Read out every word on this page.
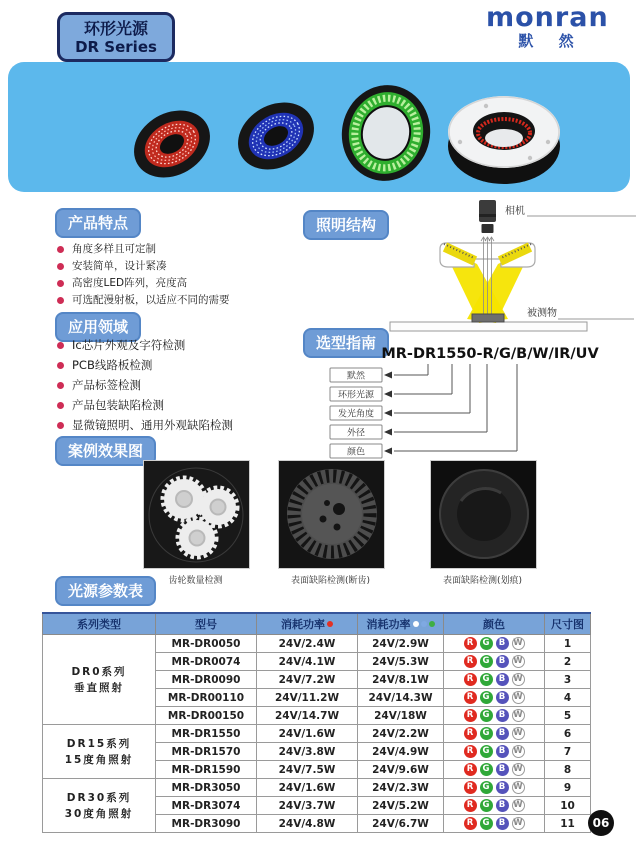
环形光源
DR Series
monran
默 然
产品特点
应用领域
案例效果图
照明结构
选型指南
光源参数表
角度多样且可定制
安装简单，设计紧凑
高密度LED阵列，亮度高
可选配漫射板，以适应不同的需要
Ic芯片外观及字符检测
PCB线路板检测
产品标签检测
产品包装缺陷检测
显微镜照明、通用外观缺陷检测
相机
被测物
MR-DR1550-R/G/B/W/IR/UV
默然
环形光源
发光角度
外径
颜色

齿轮数量检测	表面缺陷检测(断齿)	表面缺陷检测(划痕)

系列类型	型号	消耗功率	消耗功率	颜色	尺寸图

DR0系列
垂直照射	MR-DR0050	24V/2.4W	24V/2.9W	R G B W	1
	MR-DR0074	24V/4.1W	24V/5.3W	R G B W	2
	MR-DR0090	24V/7.2W	24V/8.1W	R G B W	3
	MR-DR00110	24V/11.2W	24V/14.3W	R G B W	4
	MR-DR00150	24V/14.7W	24V/18W	R G B W	5

DR15系列
15度角照射	MR-DR1550	24V/1.6W	24V/2.2W	R G B W	6
	MR-DR1570	24V/3.8W	24V/4.9W	R G B W	7
	MR-DR1590	24V/7.5W	24V/9.6W	R G B W	8

DR30系列
30度角照射	MR-DR3050	24V/1.6W	24V/2.3W	R G B W	9
	MR-DR3074	24V/3.7W	24V/5.2W	R G B W	10
	MR-DR3090	24V/4.8W	24V/6.7W	R G B W	11	06
